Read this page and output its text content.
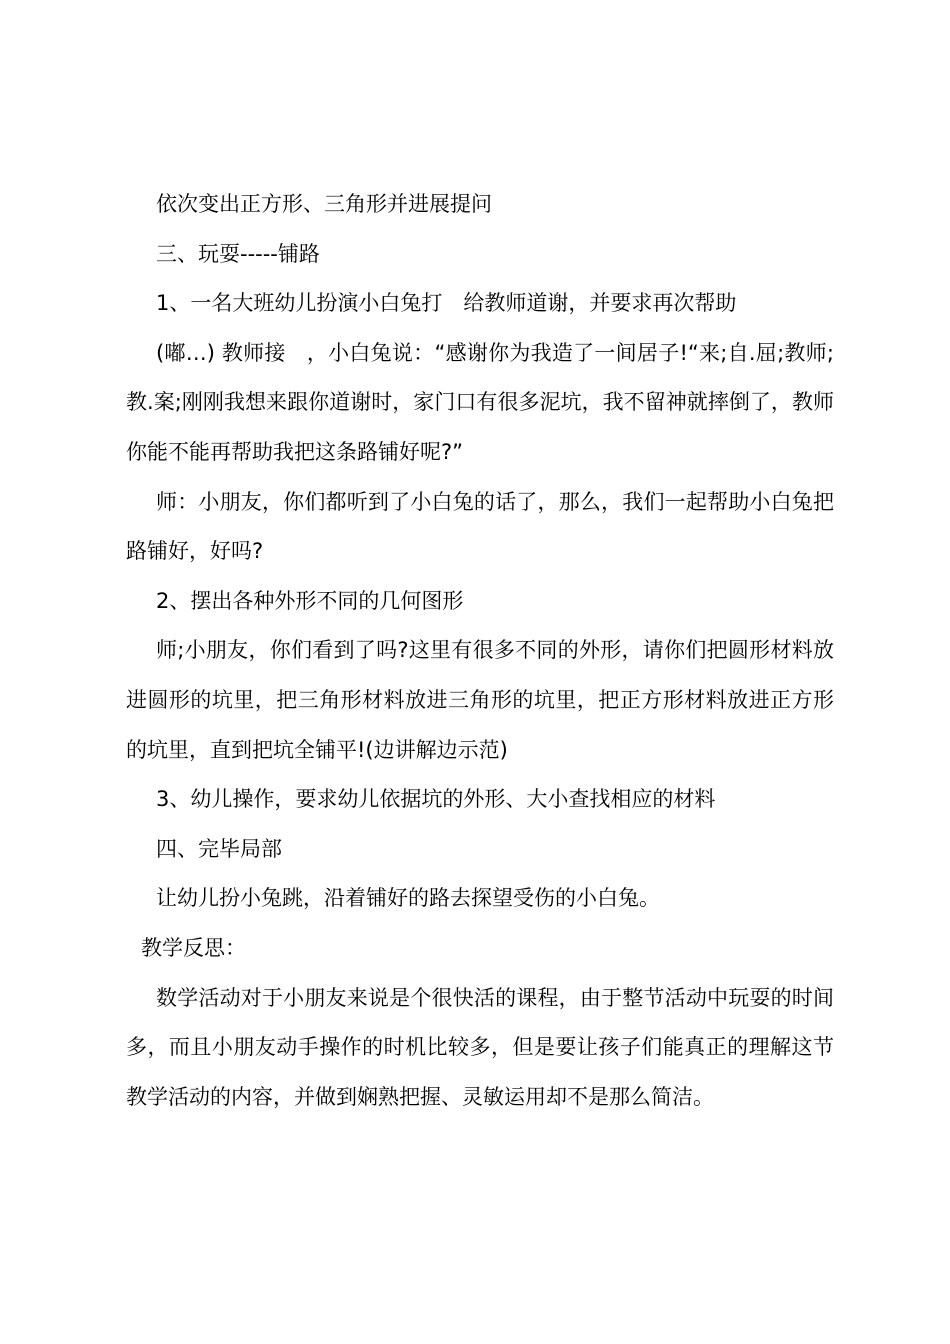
依次变出正方形、三角形并进展提问

三、玩耍-----铺路

1、一名大班幼儿扮演小白兔打　给教师道谢，并要求再次帮助

(嘟…) 教师接　，小白兔说：“感谢你为我造了一间居子!“来;自.屈;教师;教.案;刚刚我想来跟你道谢时，家门口有很多泥坑，我不留神就摔倒了，教师你能不能再帮助我把这条路铺好呢?”

师：小朋友，你们都听到了小白兔的话了，那么，我们一起帮助小白兔把路铺好，好吗?

2、摆出各种外形不同的几何图形

师;小朋友，你们看到了吗?这里有很多不同的外形，请你们把圆形材料放进圆形的坑里，把三角形材料放进三角形的坑里，把正方形材料放进正方形的坑里，直到把坑全铺平!(边讲解边示范)

3、幼儿操作，要求幼儿依据坑的外形、大小查找相应的材料

四、完毕局部

让幼儿扮小兔跳，沿着铺好的路去探望受伤的小白兔。

教学反思：

数学活动对于小朋友来说是个很快活的课程，由于整节活动中玩耍的时间多，而且小朋友动手操作的时机比较多，但是要让孩子们能真正的理解这节教学活动的内容，并做到娴熟把握、灵敏运用却不是那么简洁。
